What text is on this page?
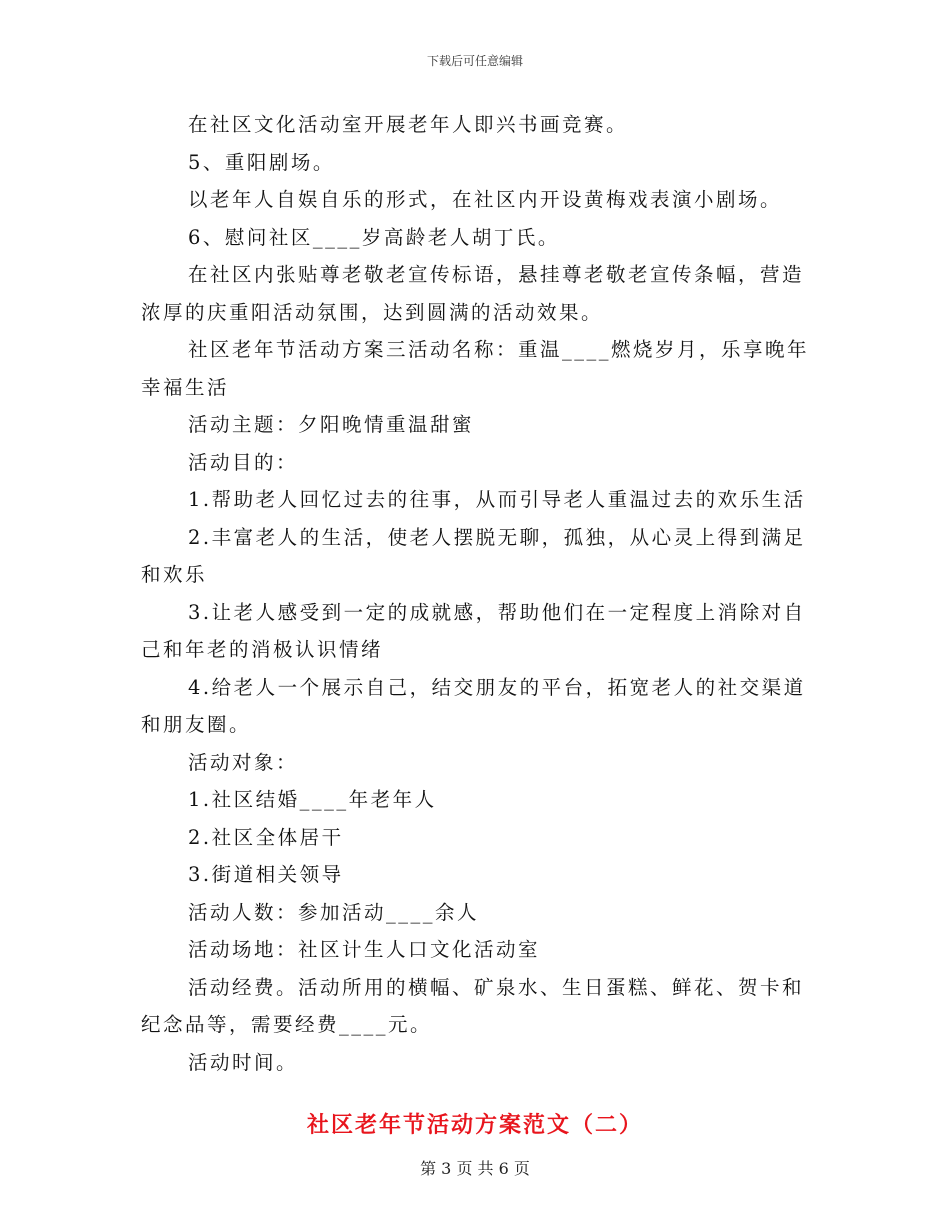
下载后可任意编辑
在社区文化活动室开展老年人即兴书画竞赛。
5、重阳剧场。
以老年人自娱自乐的形式，在社区内开设黄梅戏表演小剧场。
6、慰问社区____岁高龄老人胡丁氏。
在社区内张贴尊老敬老宣传标语，悬挂尊老敬老宣传条幅，营造
浓厚的庆重阳活动氛围，达到圆满的活动效果。
社区老年节活动方案三活动名称：重温____燃烧岁月，乐享晚年
幸福生活
活动主题：夕阳晚情重温甜蜜
活动目的：
1.帮助老人回忆过去的往事，从而引导老人重温过去的欢乐生活
2.丰富老人的生活，使老人摆脱无聊，孤独，从心灵上得到满足
和欢乐
3.让老人感受到一定的成就感，帮助他们在一定程度上消除对自
己和年老的消极认识情绪
4.给老人一个展示自己，结交朋友的平台，拓宽老人的社交渠道
和朋友圈。
活动对象：
1.社区结婚____年老年人
2.社区全体居干
3.街道相关领导
活动人数：参加活动____余人
活动场地：社区计生人口文化活动室
活动经费。活动所用的横幅、矿泉水、生日蛋糕、鲜花、贺卡和
纪念品等，需要经费____元。
活动时间。
社区老年节活动方案范文（二）
第 3 页 共 6 页
